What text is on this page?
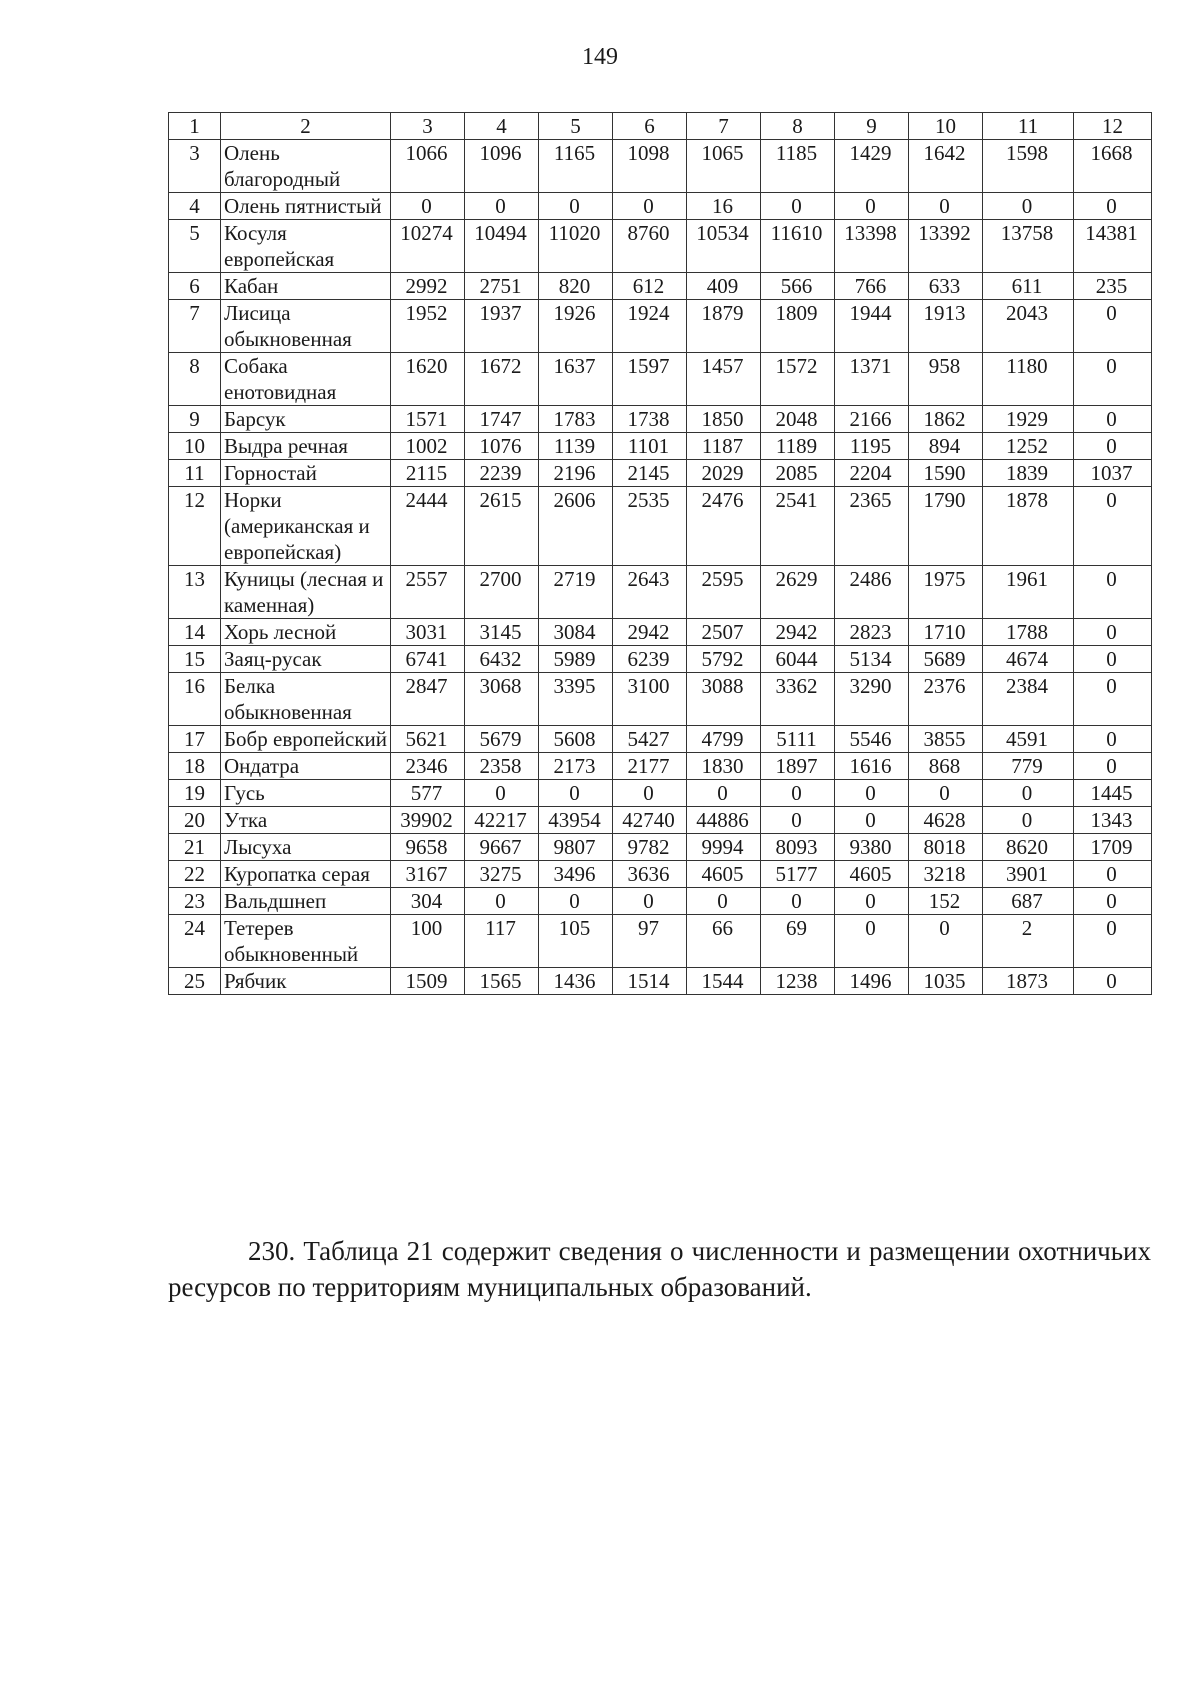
149
1	2	3	4	5	6	7	8	9	10	11	12
3	Олень благородный	1066	1096	1165	1098	1065	1185	1429	1642	1598	1668
4	Олень пятнистый	0	0	0	0	16	0	0	0	0	0
5	Косуля европейская	10274	10494	11020	8760	10534	11610	13398	13392	13758	14381
6	Кабан	2992	2751	820	612	409	566	766	633	611	235
7	Лисица обыкновенная	1952	1937	1926	1924	1879	1809	1944	1913	2043	0
8	Собака енотовидная	1620	1672	1637	1597	1457	1572	1371	958	1180	0
9	Барсук	1571	1747	1783	1738	1850	2048	2166	1862	1929	0
10	Выдра речная	1002	1076	1139	1101	1187	1189	1195	894	1252	0
11	Горностай	2115	2239	2196	2145	2029	2085	2204	1590	1839	1037
12	Норки (американская и европейская)	2444	2615	2606	2535	2476	2541	2365	1790	1878	0
13	Куницы (лесная и каменная)	2557	2700	2719	2643	2595	2629	2486	1975	1961	0
14	Хорь лесной	3031	3145	3084	2942	2507	2942	2823	1710	1788	0
15	Заяц-русак	6741	6432	5989	6239	5792	6044	5134	5689	4674	0
16	Белка обыкновенная	2847	3068	3395	3100	3088	3362	3290	2376	2384	0
17	Бобр европейский	5621	5679	5608	5427	4799	5111	5546	3855	4591	0
18	Ондатра	2346	2358	2173	2177	1830	1897	1616	868	779	0
19	Гусь	577	0	0	0	0	0	0	0	0	1445
20	Утка	39902	42217	43954	42740	44886	0	0	4628	0	1343
21	Лысуха	9658	9667	9807	9782	9994	8093	9380	8018	8620	1709
22	Куропатка серая	3167	3275	3496	3636	4605	5177	4605	3218	3901	0
23	Вальдшнеп	304	0	0	0	0	0	0	152	687	0
24	Тетерев обыкновенный	100	117	105	97	66	69	0	0	2	0
25	Рябчик	1509	1565	1436	1514	1544	1238	1496	1035	1873	0
230. Таблица 21 содержит сведения о численности и размещении охотничьих ресурсов по территориям муниципальных образований.
